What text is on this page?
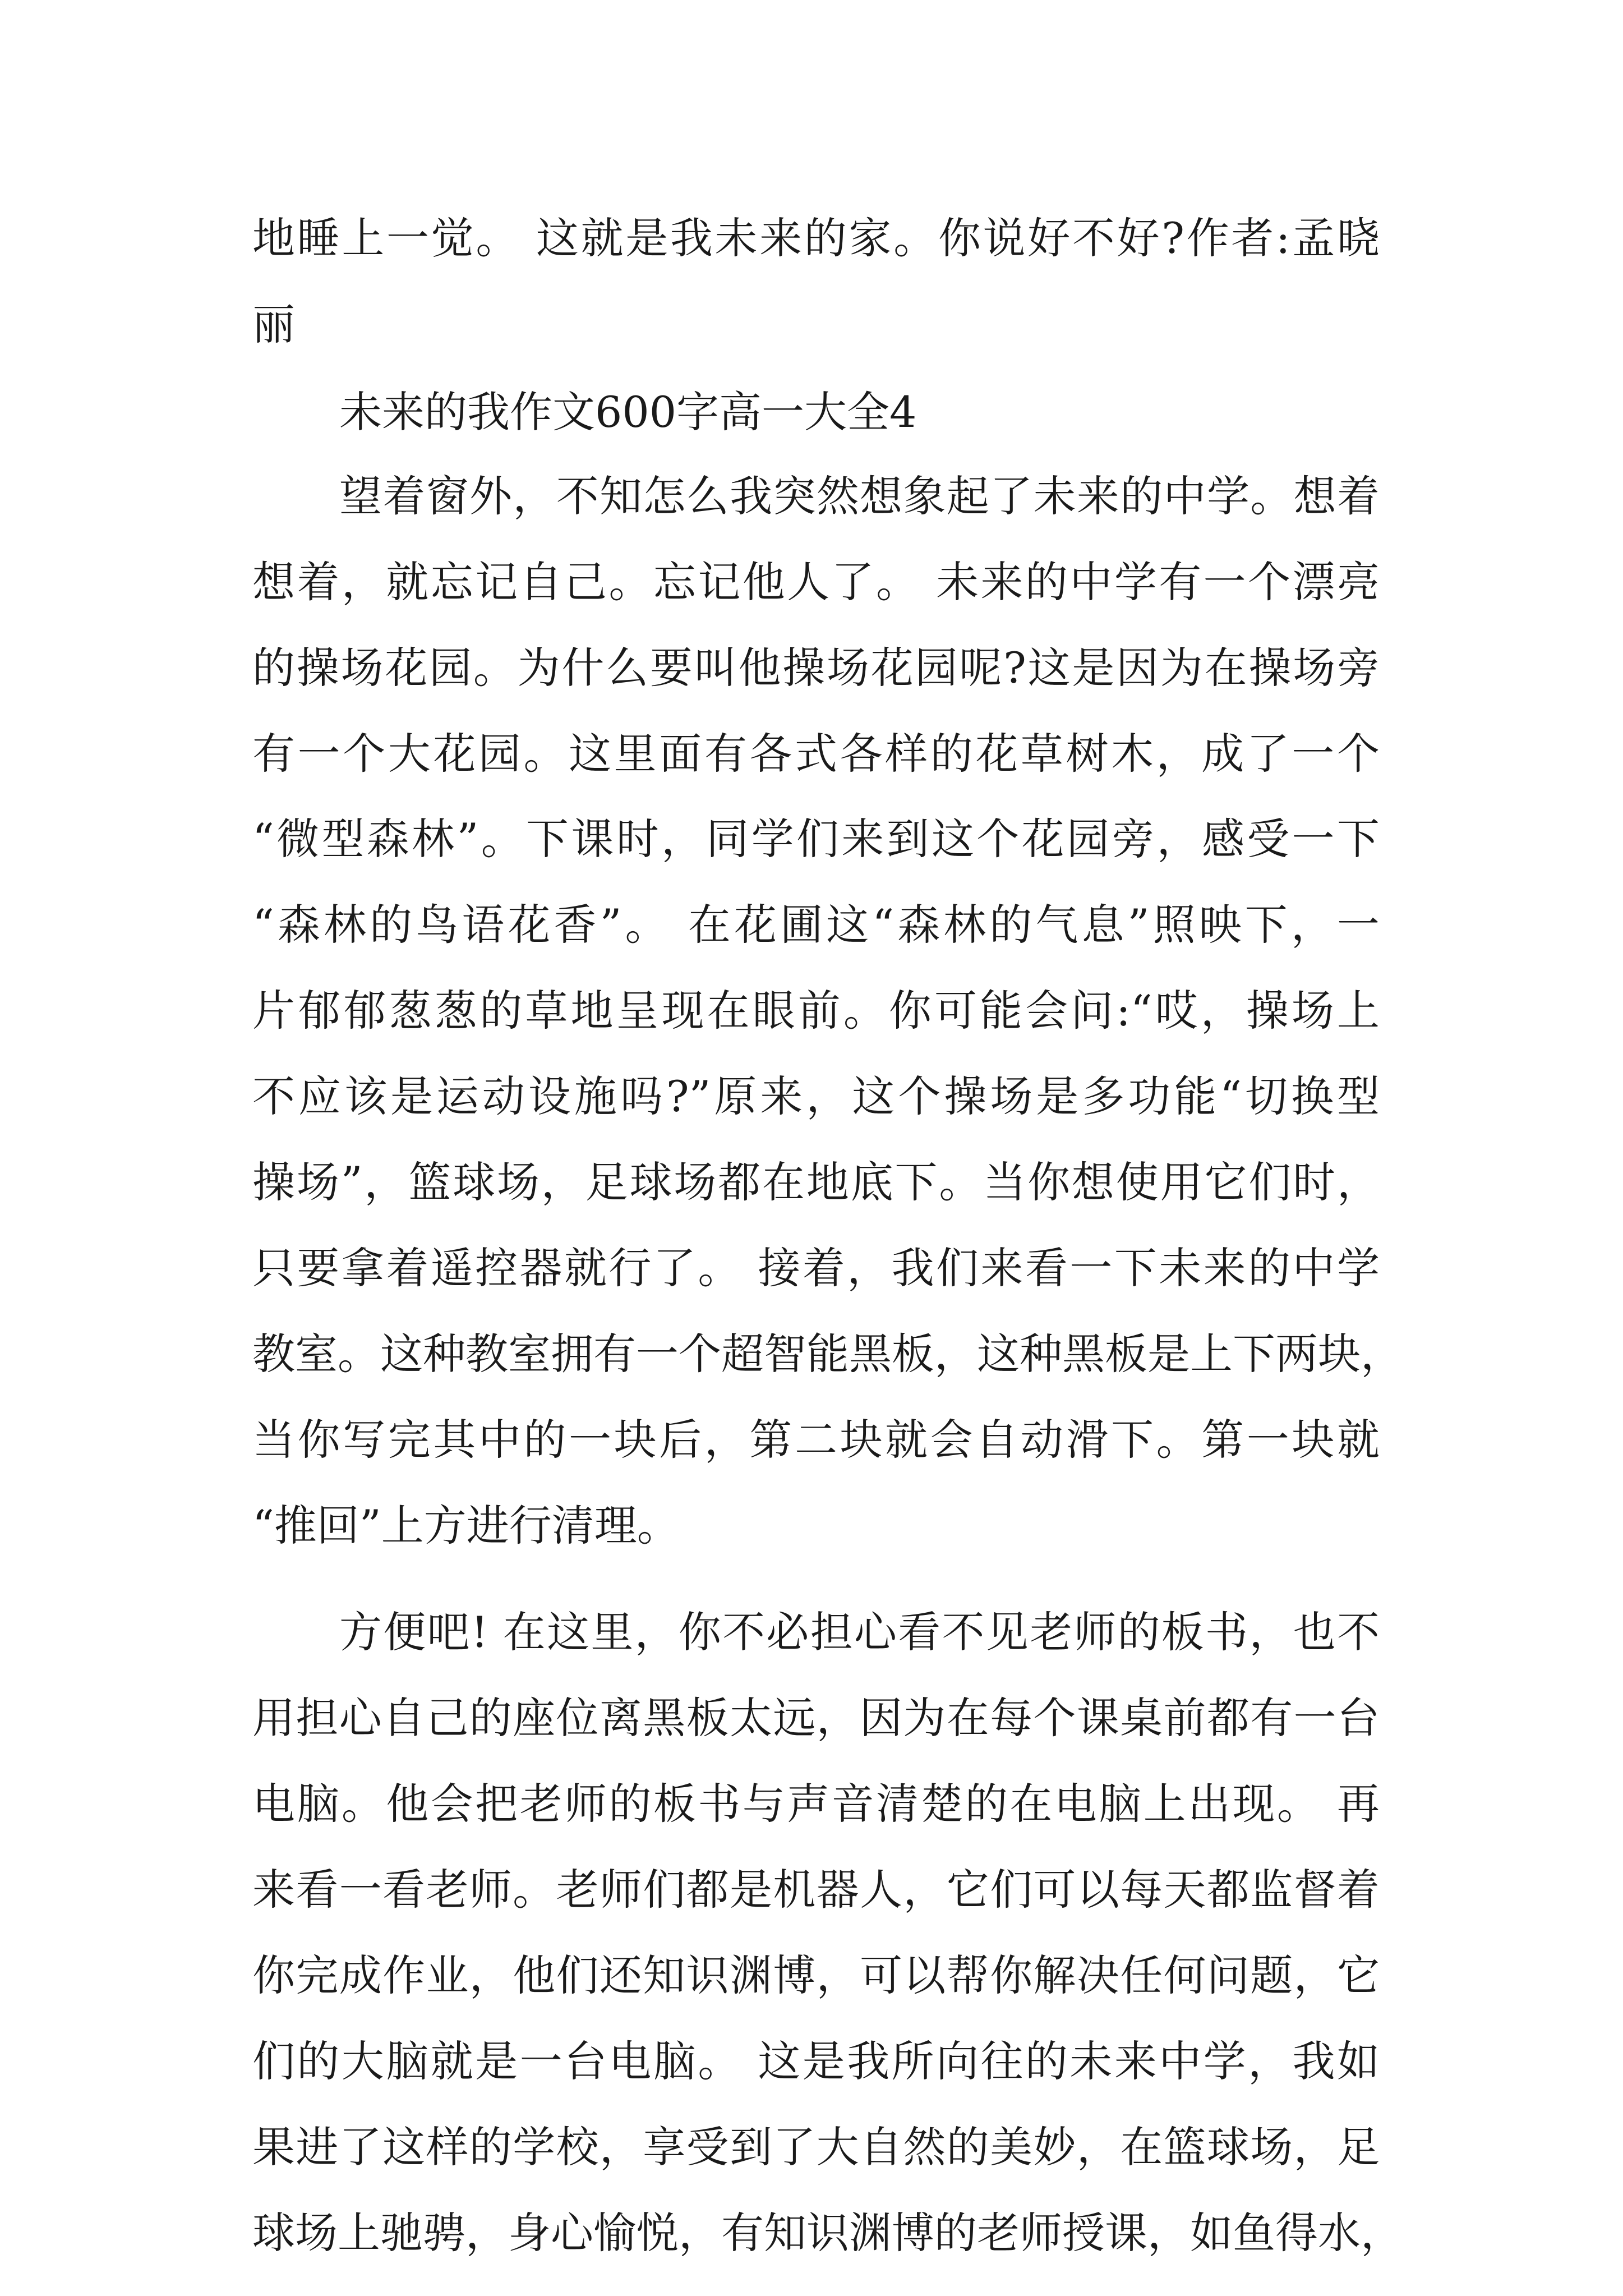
地睡上一觉。 这就是我未来的家。你说好不好?作者:孟晓
丽
未来的我作文600字高一大全4
望着窗外，不知怎么我突然想象起了未来的中学。想着
想着，就忘记自己。忘记他人了。 未来的中学有一个漂亮
的操场花园。为什么要叫他操场花园呢?这是因为在操场旁
有一个大花园。这里面有各式各样的花草树木，成了一个
“微型森林”。下课时，同学们来到这个花园旁，感受一下
“森林的鸟语花香”。 在花圃这“森林的气息”照映下，一
片郁郁葱葱的草地呈现在眼前。你可能会问:“哎，操场上
不应该是运动设施吗?”原来，这个操场是多功能“切换型
操场”，篮球场，足球场都在地底下。当你想使用它们时，
只要拿着遥控器就行了。 接着，我们来看一下未来的中学
教室。这种教室拥有一个超智能黑板，这种黑板是上下两块，
当你写完其中的一块后，第二块就会自动滑下。第一块就
“推回”上方进行清理。
方便吧! 在这里，你不必担心看不见老师的板书，也不
用担心自己的座位离黑板太远，因为在每个课桌前都有一台
电脑。他会把老师的板书与声音清楚的在电脑上出现。 再
来看一看老师。老师们都是机器人，它们可以每天都监督着
你完成作业，他们还知识渊博，可以帮你解决任何问题，它
们的大脑就是一台电脑。 这是我所向往的未来中学，我如
果进了这样的学校，享受到了大自然的美妙，在篮球场，足
球场上驰骋，身心愉悦，有知识渊博的老师授课，如鱼得水，
